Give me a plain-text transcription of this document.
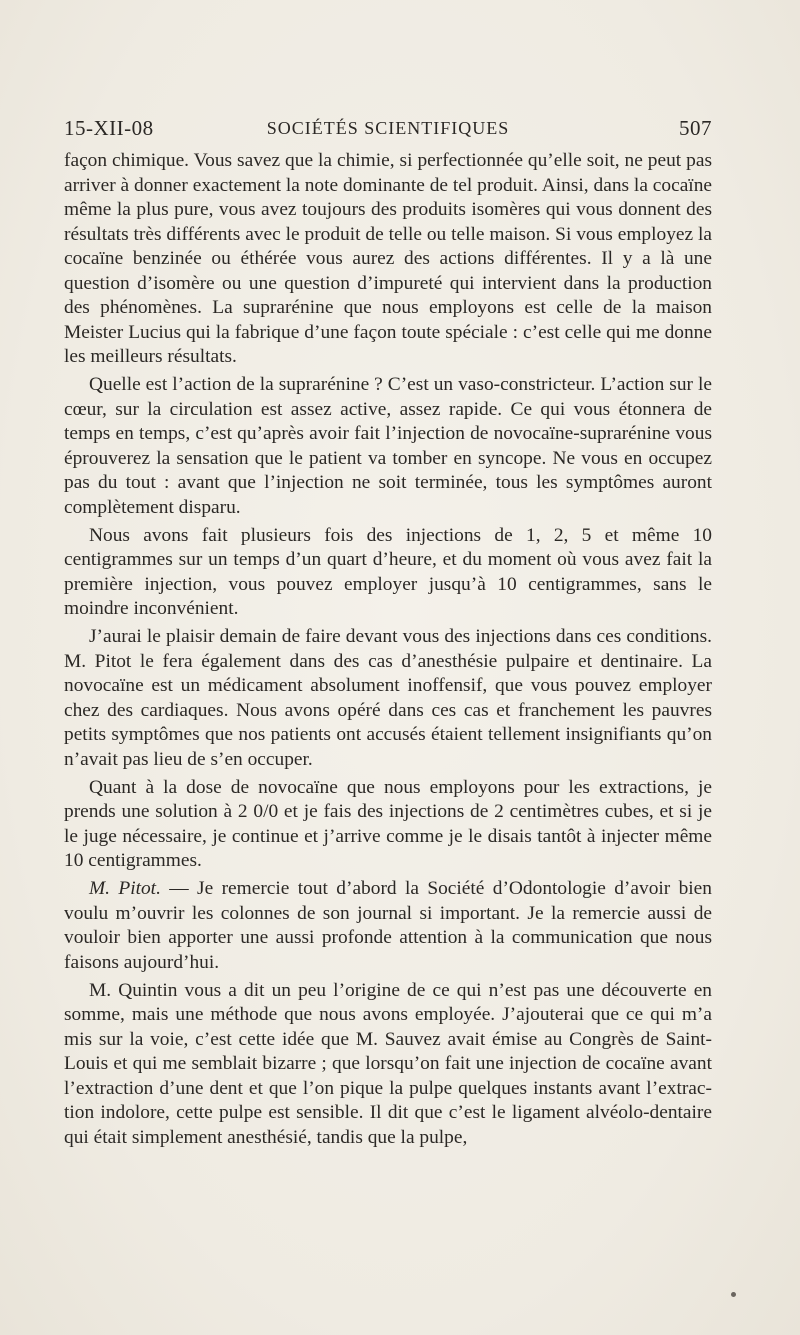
15-XII-08	SOCIÉTÉS SCIENTIFIQUES	507

façon chimique. Vous savez que la chimie, si perfectionnée qu’elle soit, ne peut pas arriver à donner exactement la note dominante de tel produit. Ainsi, dans la cocaïne même la plus pure, vous avez toujours des produits isomères qui vous donnent des résultats très différents avec le produit de telle ou telle maison. Si vous employez la cocaïne benzinée ou éthérée vous aurez des actions différentes. Il y a là une question d’isomère ou une question d’impureté qui intervient dans la production des phénomènes. La suprarénine que nous employons est celle de la maison Meister Lucius qui la fabrique d’une façon toute spéciale : c’est celle qui me donne les meilleurs résultats.

Quelle est l’action de la suprarénine ? C’est un vaso-constricteur. L’action sur le cœur, sur la circulation est assez active, assez rapide. Ce qui vous étonnera de temps en temps, c’est qu’après avoir fait l’injection de novocaïne-suprarénine vous éprouverez la sensation que le patient va tomber en syncope. Ne vous en occupez pas du tout : avant que l’injection ne soit terminée, tous les symptômes auront complètement disparu.

Nous avons fait plusieurs fois des injections de 1, 2, 5 et même 10 centigrammes sur un temps d’un quart d’heure, et du moment où vous avez fait la première injection, vous pouvez employer jusqu’à 10 centigrammes, sans le moindre inconvénient.

J’aurai le plaisir demain de faire devant vous des injections dans ces conditions. M. Pitot le fera également dans des cas d’anesthésie pulpaire et dentinaire. La novocaïne est un médicament absolument inoffensif, que vous pouvez employer chez des cardiaques. Nous avons opéré dans ces cas et franchement les pauvres petits symptômes que nos patients ont accusés étaient tellement insignifiants qu’on n’avait pas lieu de s’en occuper.

Quant à la dose de novocaïne que nous employons pour les extractions, je prends une solution à 2 0/0 et je fais des injections de 2 centimètres cubes, et si je le juge nécessaire, je continue et j’arrive comme je le disais tantôt à injecter même 10 centigrammes.

M. Pitot. — Je remercie tout d’abord la Société d’Odontologie d’avoir bien voulu m’ouvrir les colonnes de son journal si important. Je la remercie aussi de vouloir bien apporter une aussi profonde attention à la communication que nous faisons aujourd’hui.

M. Quintin vous a dit un peu l’origine de ce qui n’est pas une découverte en somme, mais une méthode que nous avons employée. J’ajouterai que ce qui m’a mis sur la voie, c’est cette idée que M. Sauvez avait émise au Congrès de Saint-Louis et qui me semblait bizarre ; que lorsqu’on fait une injection de cocaïne avant l’extraction d’une dent et que l’on pique la pulpe quelques instants avant l’extraction indolore, cette pulpe est sensible. Il dit que c’est le ligament alvéolo-dentaire qui était simplement anesthésié, tandis que la pulpe,
